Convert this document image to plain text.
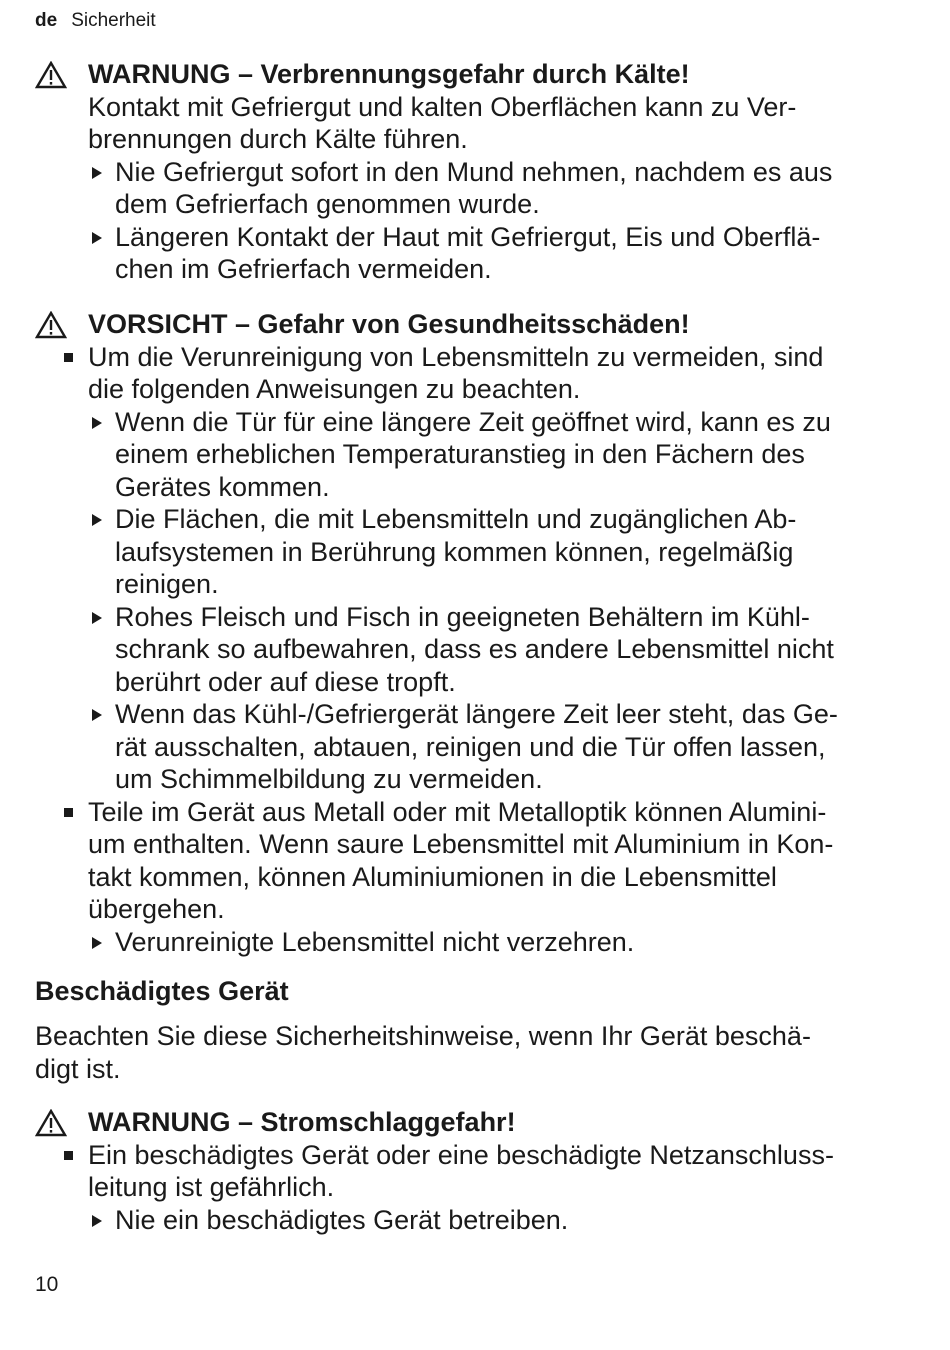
de Sicherheit
WARNUNG – Verbrennungsgefahr durch Kälte!
Kontakt mit Gefriergut und kalten Oberflächen kann zu Ver-
brennungen durch Kälte führen.
Nie Gefriergut sofort in den Mund nehmen, nachdem es aus
dem Gefrierfach genommen wurde.
Längeren Kontakt der Haut mit Gefriergut, Eis und Oberflä-
chen im Gefrierfach vermeiden.
VORSICHT – Gefahr von Gesundheitsschäden!
Um die Verunreinigung von Lebensmitteln zu vermeiden, sind
die folgenden Anweisungen zu beachten.
Wenn die Tür für eine längere Zeit geöffnet wird, kann es zu
einem erheblichen Temperaturanstieg in den Fächern des
Gerätes kommen.
Die Flächen, die mit Lebensmitteln und zugänglichen Ab-
laufsystemen in Berührung kommen können, regelmäßig
reinigen.
Rohes Fleisch und Fisch in geeigneten Behältern im Kühl-
schrank so aufbewahren, dass es andere Lebensmittel nicht
berührt oder auf diese tropft.
Wenn das Kühl-/Gefriergerät längere Zeit leer steht, das Ge-
rät ausschalten, abtauen, reinigen und die Tür offen lassen,
um Schimmelbildung zu vermeiden.
Teile im Gerät aus Metall oder mit Metalloptik können Alumini-
um enthalten. Wenn saure Lebensmittel mit Aluminium in Kon-
takt kommen, können Aluminiumionen in die Lebensmittel
übergehen.
Verunreinigte Lebensmittel nicht verzehren.
Beschädigtes Gerät
Beachten Sie diese Sicherheitshinweise, wenn Ihr Gerät beschä-
digt ist.
WARNUNG – Stromschlaggefahr!
Ein beschädigtes Gerät oder eine beschädigte Netzanschluss-
leitung ist gefährlich.
Nie ein beschädigtes Gerät betreiben.
10
